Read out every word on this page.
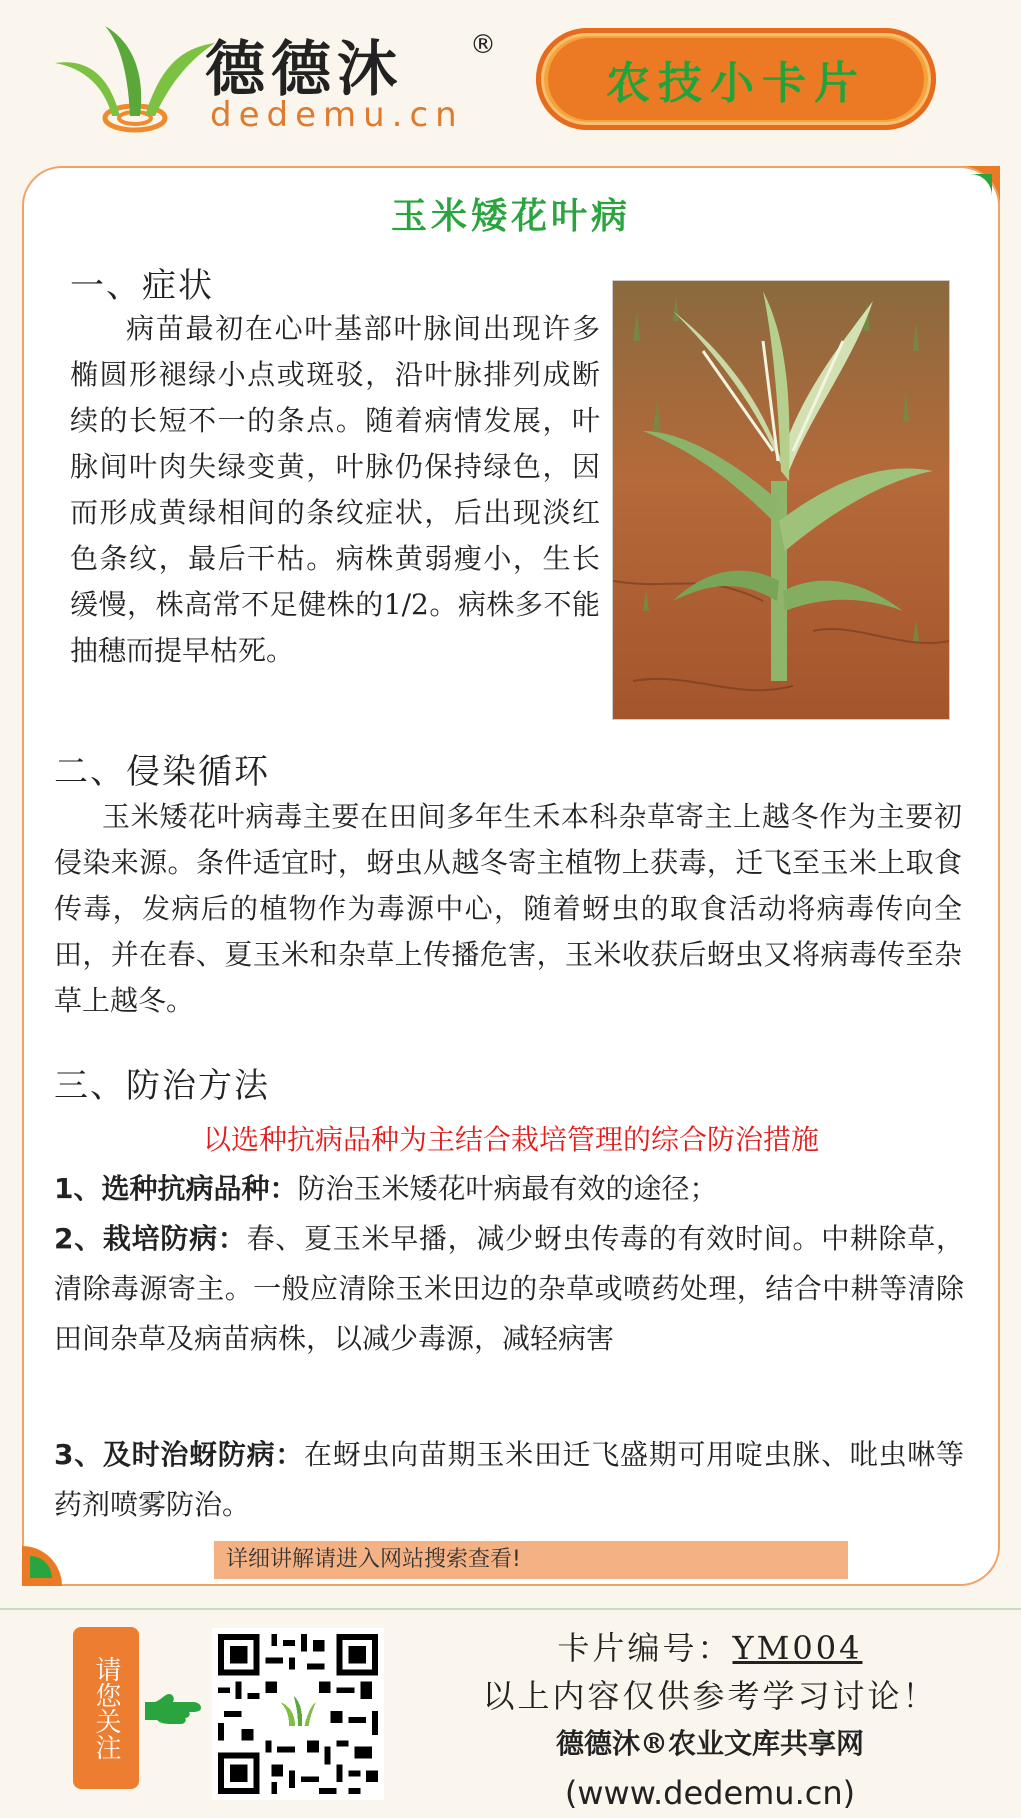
德德沐	®
dedemu.cn
农技小卡片
玉米矮花叶病
一、症状
病苗最初在心叶基部叶脉间出现许多椭圆形褪绿小点或斑驳，沿叶脉排列成断续的长短不一的条点。随着病情发展，叶脉间叶肉失绿变黄，叶脉仍保持绿色，因而形成黄绿相间的条纹症状，后出现淡红色条纹，最后干枯。病株黄弱瘦小，生长缓慢，株高常不足健株的1/2。病株多不能抽穗而提早枯死。
二、侵染循环
玉米矮花叶病毒主要在田间多年生禾本科杂草寄主上越冬作为主要初侵染来源。条件适宜时，蚜虫从越冬寄主植物上获毒，迁飞至玉米上取食传毒，发病后的植物作为毒源中心，随着蚜虫的取食活动将病毒传向全田，并在春、夏玉米和杂草上传播危害，玉米收获后蚜虫又将病毒传至杂草上越冬。
三、防治方法
以选种抗病品种为主结合栽培管理的综合防治措施
1、选种抗病品种：防治玉米矮花叶病最有效的途径；
2、栽培防病：春、夏玉米早播，减少蚜虫传毒的有效时间。中耕除草，清除毒源寄主。一般应清除玉米田边的杂草或喷药处理，结合中耕等清除田间杂草及病苗病株，以减少毒源，减轻病害
3、及时治蚜防病：在蚜虫向苗期玉米田迁飞盛期可用啶虫脒、吡虫啉等药剂喷雾防治。
详细讲解请进入网站搜索查看!
请您关注
卡片编号：YM004
以上内容仅供参考学习讨论！
德德沐®农业文库共享网
(www.dedemu.cn)
